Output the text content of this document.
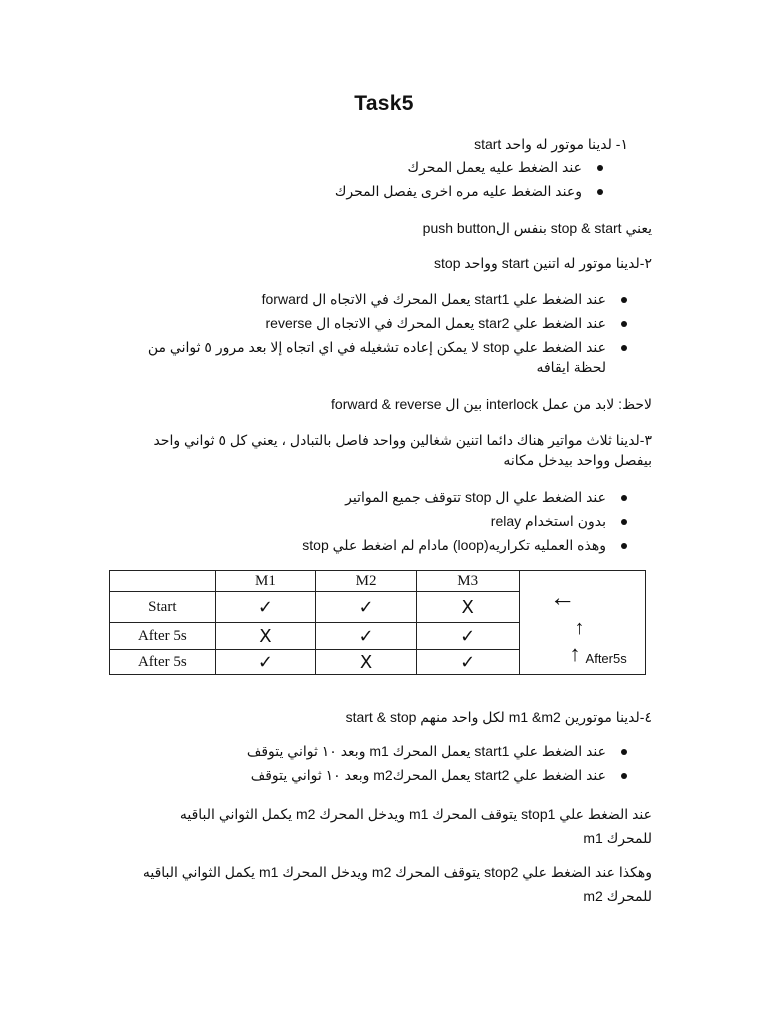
Task5
١- لدينا موتور له واحد start
عند الضغط عليه يعمل المحرك
وعند الضغط عليه مره اخرى يفصل المحرك
يعني stop & start بنفس الpush button
٢-لدينا موتور له اتنين start وواحد stop
عند الضغط علي start1 يعمل المحرك في الاتجاه ال forward
عند الضغط علي star2 يعمل المحرك في الاتجاه ال reverse
عند الضغط علي stop لا يمكن إعاده تشغيله في اي اتجاه إلا بعد مرور ٥ ثواني من لحظة ايقافه
لاحظ: لابد من عمل interlock بين ال forward & reverse
٣-لدينا ثلاث مواتير هناك دائما اتنين شغالين وواحد فاصل بالتبادل ، يعني كل ٥ ثواني واحد بيفصل وواحد بيدخل مكانه
عند الضغط علي ال stop تتوقف جميع المواتير
بدون استخدام relay
وهذه العمليه تكراريه(loop) مادام لم اضغط علي stop
	M1	M2	M3	←
↑
↑ After5s

Start	✓	✓	X	
After 5s	X	✓	✓	
After 5s	✓	X	✓	
٤-لدينا موتورين m1 &m2 لكل واحد منهم start & stop
عند الضغط علي start1 يعمل المحرك m1 وبعد ١٠ ثواني يتوقف
عند الضغط علي start2 يعمل المحركm2 وبعد ١٠ ثواني يتوقف
عند الضغط علي stop1 يتوقف المحرك m1 ويدخل المحرك m2 يكمل الثواني الباقيه للمحرك m1
وهكذا عند الضغط علي stop2 يتوقف المحرك m2 ويدخل المحرك m1 يكمل الثواني الباقيه للمحرك m2
